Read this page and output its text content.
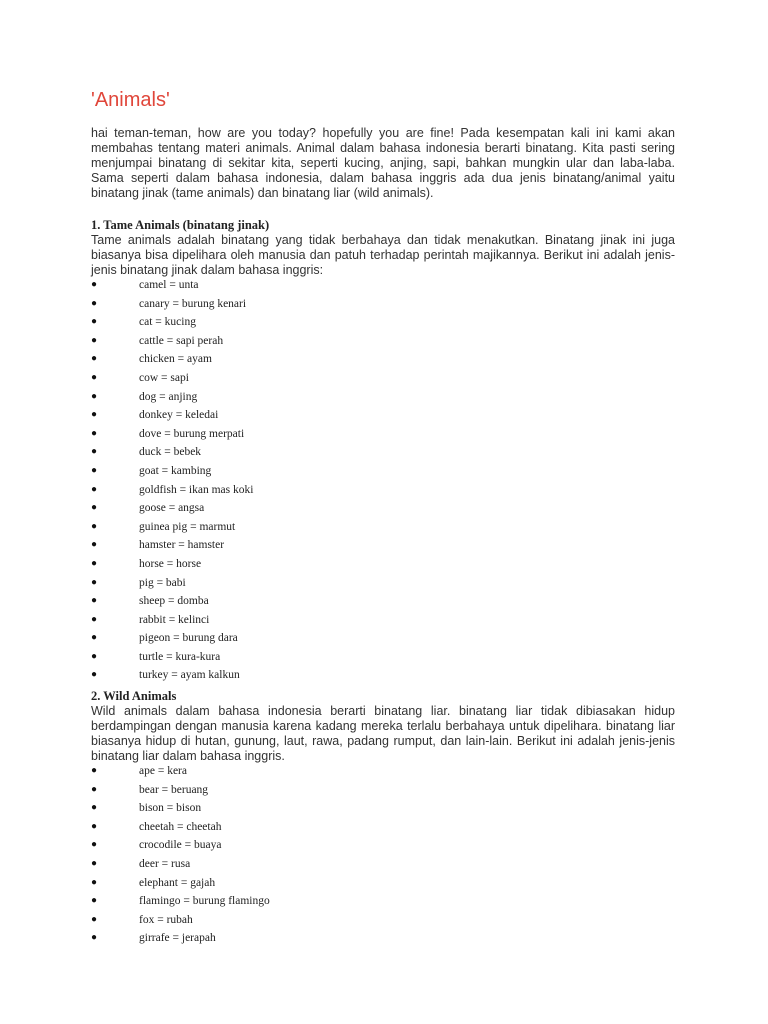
'Animals'

hai teman-teman, how are you today? hopefully you are fine! Pada kesempatan kali ini kami akan membahas tentang materi animals. Animal dalam bahasa indonesia berarti binatang. Kita pasti sering menjumpai binatang di sekitar kita, seperti kucing, anjing, sapi, bahkan mungkin ular dan laba-laba. Sama seperti dalam bahasa indonesia, dalam bahasa inggris ada dua jenis binatang/animal yaitu binatang jinak (tame animals) dan binatang liar (wild animals).

1. Tame Animals (binatang jinak)

Tame animals adalah binatang yang tidak berbahaya dan tidak menakutkan. Binatang jinak ini juga biasanya bisa dipelihara oleh manusia dan patuh terhadap perintah majikannya. Berikut ini adalah jenis-jenis binatang jinak dalam bahasa inggris:

●	camel = unta
●	canary = burung kenari
●	cat = kucing
●	cattle = sapi perah
●	chicken = ayam
●	cow = sapi
●	dog = anjing
●	donkey = keledai
●	dove = burung merpati
●	duck = bebek
●	goat = kambing
●	goldfish = ikan mas koki
●	goose = angsa
●	guinea pig = marmut
●	hamster = hamster
●	horse = horse
●	pig = babi
●	sheep = domba
●	rabbit = kelinci
●	pigeon = burung dara
●	turtle = kura-kura
●	turkey = ayam kalkun
2. Wild Animals

Wild animals dalam bahasa indonesia berarti binatang liar. binatang liar tidak dibiasakan hidup berdampingan dengan manusia karena kadang mereka terlalu berbahaya untuk dipelihara. binatang liar biasanya hidup di hutan, gunung, laut, rawa, padang rumput, dan lain-lain. Berikut ini adalah jenis-jenis binatang liar dalam bahasa inggris.

●	ape = kera
●	bear = beruang
●	bison = bison
●	cheetah = cheetah
●	crocodile = buaya
●	deer = rusa
●	elephant = gajah
●	flamingo = burung flamingo
●	fox = rubah
●	girrafe = jerapah
